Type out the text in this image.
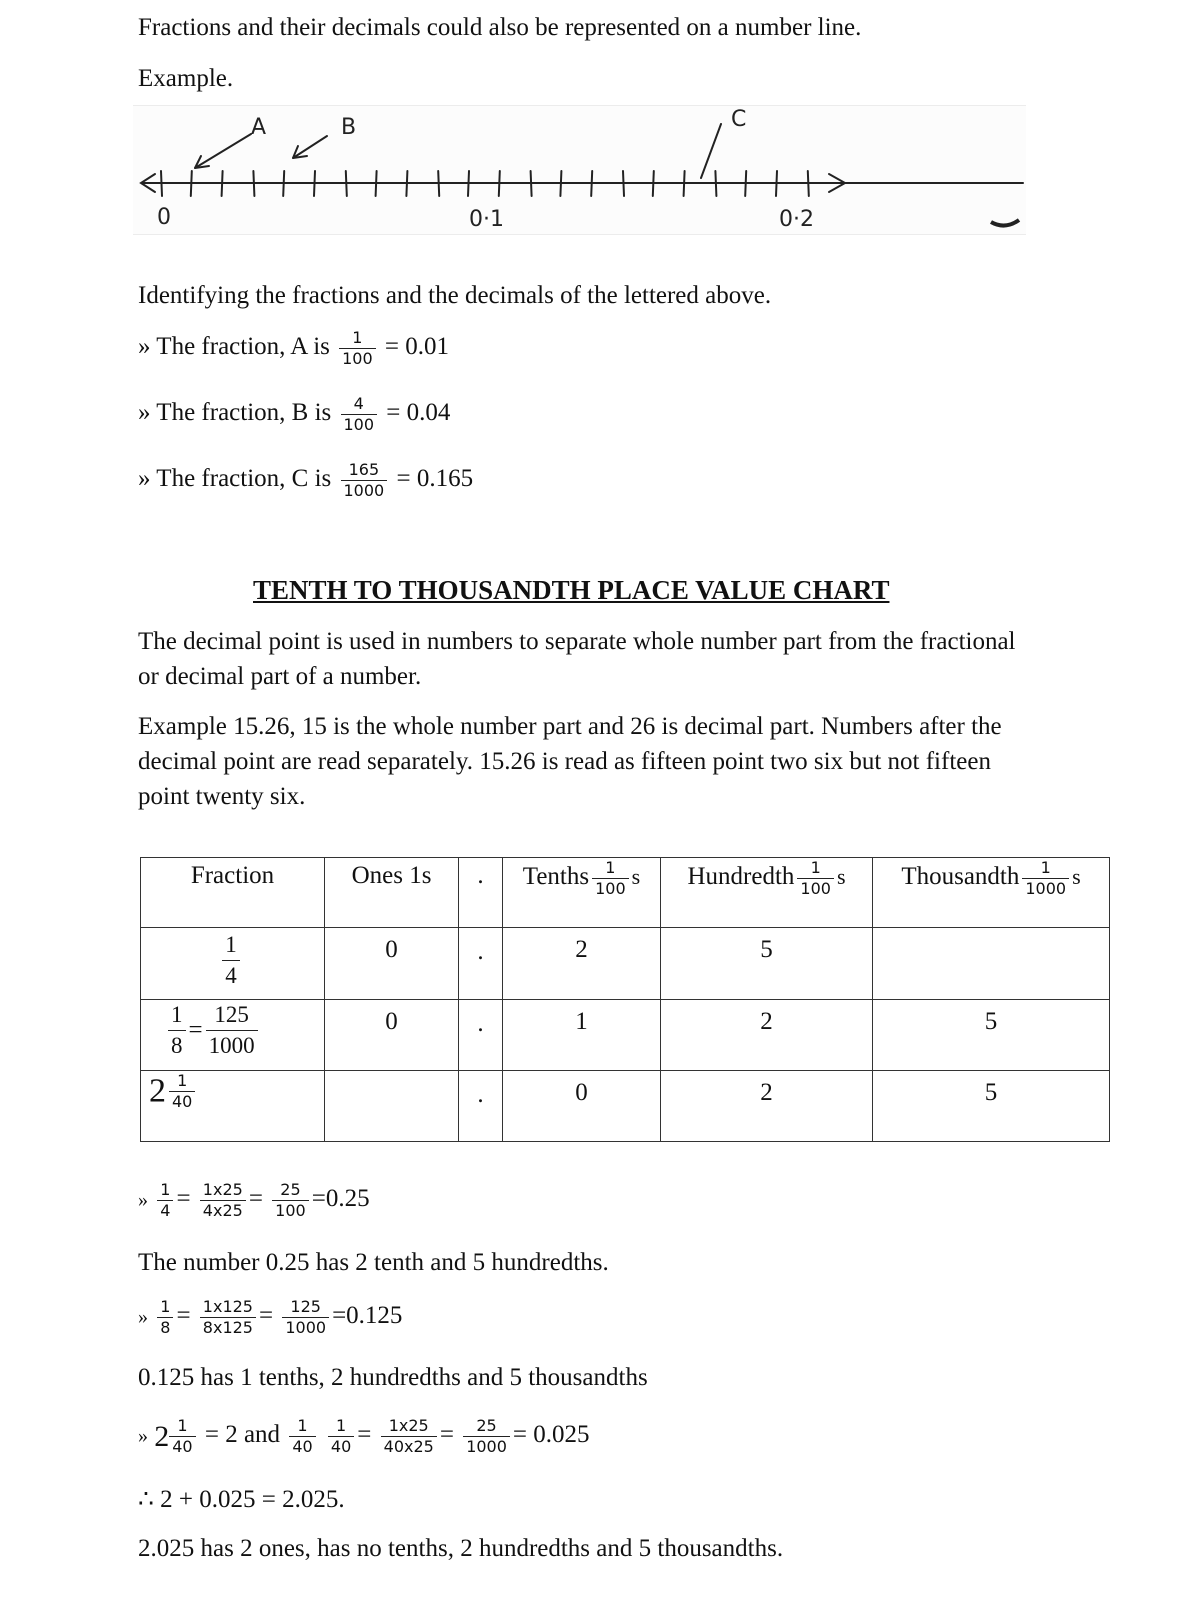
Fractions and their decimals could also be represented on a number line.
Example.
A	B	C
0	0·1	0·2
Identifying the fractions and the decimals of the lettered above.
» The fraction, A is $\frac{1}{100} = 0.01$
» The fraction, B is $\frac{4}{100} = 0.04$
» The fraction, C is $\frac{165}{1000} = 0.165$
TENTH TO THOUSANDTH PLACE VALUE CHART
The decimal point is used in numbers to separate whole number part from the fractional or decimal part of a number.
Example 15.26, 15 is the whole number part and 26 is decimal part. Numbers after the decimal point are read separately. 15.26 is read as fifteen point two six but not fifteen point twenty six.
Fraction	Ones 1s	.	Tenths $\frac{1}{100}$ s	Hundredth $\frac{1}{100}$ s	Thousandth $\frac{1}{1000}$ s

$\frac{1}{4}$	0	.	2	5	

$\frac{1}{8} = \frac{125}{1000}$	0	.	1	2	5
$2 \frac{1}{40}$		.	0	2	5
» $\frac{1}{4} = \frac{1x25}{4x25} = \frac{25}{100} =0.25$
The number 0.25 has 2 tenth and 5 hundredths.
» $\frac{1}{8} = \frac{1x125}{8x125} = \frac{125}{1000} =0.125$
0.125 has 1 tenths, 2 hundredths and 5 thousandths
» $2 \frac{1}{40} = 2$ and $\frac{1}{40}$
$\frac{1}{40} = \frac{1x25}{40x25} = \frac{25}{1000} = 0.025$
∴ 2 + 0.025 = 2.025.
2.025 has 2 ones, has no tenths, 2 hundredths and 5 thousandths.
